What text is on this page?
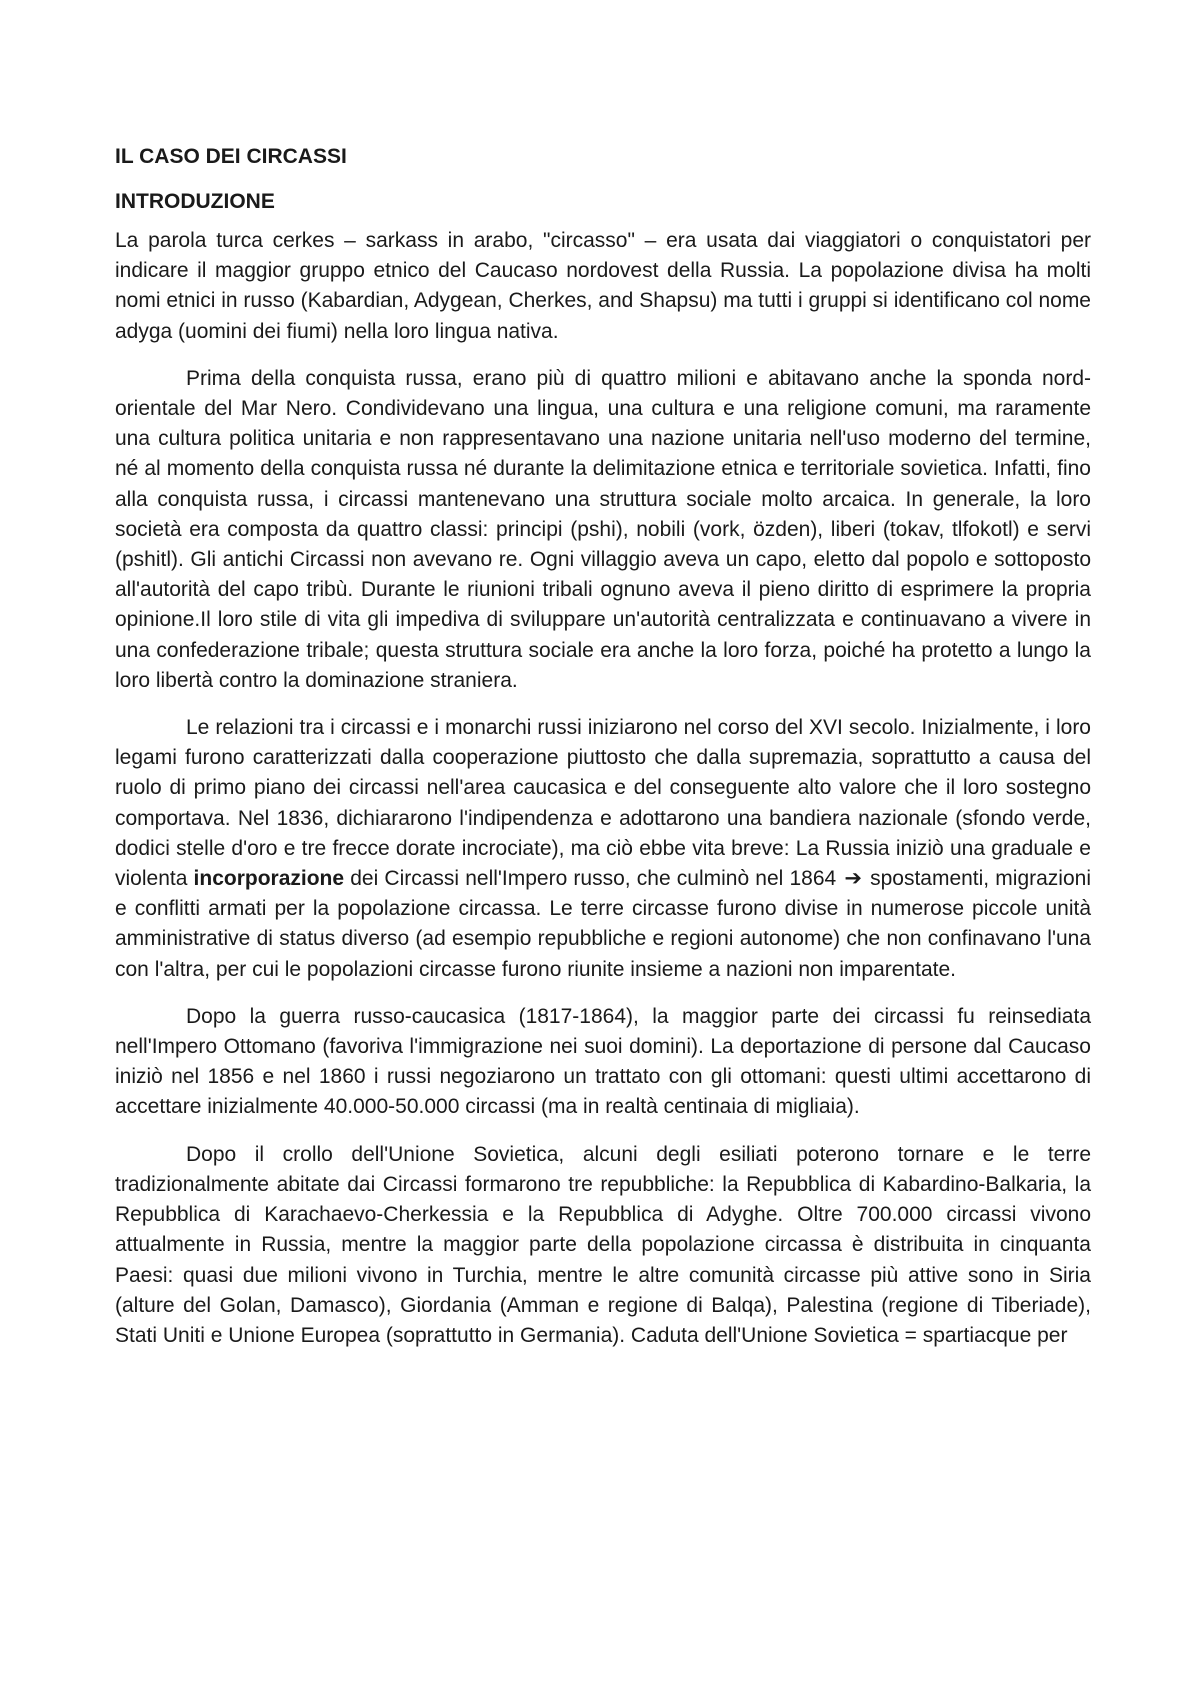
IL CASO DEI CIRCASSI
INTRODUZIONE

La parola turca cerkes – sarkass in arabo, "circasso" – era usata dai viaggiatori o conquistatori per indicare il maggior gruppo etnico del Caucaso nordovest della Russia. La popolazione divisa ha molti nomi etnici in russo (Kabardian, Adygean, Cherkes, and Shapsu) ma tutti i gruppi si identificano col nome adyga (uomini dei fiumi) nella loro lingua nativa.

Prima della conquista russa, erano più di quattro milioni e abitavano anche la sponda nord-orientale del Mar Nero. Condividevano una lingua, una cultura e una religione comuni, ma raramente una cultura politica unitaria e non rappresentavano una nazione unitaria nell'uso moderno del termine, né al momento della conquista russa né durante la delimitazione etnica e territoriale sovietica. Infatti, fino alla conquista russa, i circassi mantenevano una struttura sociale molto arcaica. In generale, la loro società era composta da quattro classi: principi (pshi), nobili (vork, özden), liberi (tokav, tlfokotl) e servi (pshitl). Gli antichi Circassi non avevano re. Ogni villaggio aveva un capo, eletto dal popolo e sottoposto all'autorità del capo tribù. Durante le riunioni tribali ognuno aveva il pieno diritto di esprimere la propria opinione.Il loro stile di vita gli impediva di sviluppare un'autorità centralizzata e continuavano a vivere in una confederazione tribale; questa struttura sociale era anche la loro forza, poiché ha protetto a lungo la loro libertà contro la dominazione straniera.

Le relazioni tra i circassi e i monarchi russi iniziarono nel corso del XVI secolo. Inizialmente, i loro legami furono caratterizzati dalla cooperazione piuttosto che dalla supremazia, soprattutto a causa del ruolo di primo piano dei circassi nell'area caucasica e del conseguente alto valore che il loro sostegno comportava. Nel 1836, dichiararono l'indipendenza e adottarono una bandiera nazionale (sfondo verde, dodici stelle d'oro e tre frecce dorate incrociate), ma ciò ebbe vita breve: La Russia iniziò una graduale e violenta incorporazione dei Circassi nell'Impero russo, che culminò nel 1864 ➔ spostamenti, migrazioni e conflitti armati per la popolazione circassa. Le terre circasse furono divise in numerose piccole unità amministrative di status diverso (ad esempio repubbliche e regioni autonome) che non confinavano l'una con l'altra, per cui le popolazioni circasse furono riunite insieme a nazioni non imparentate.

Dopo la guerra russo-caucasica (1817-1864), la maggior parte dei circassi fu reinsediata nell'Impero Ottomano (favoriva l'immigrazione nei suoi domini). La deportazione di persone dal Caucaso iniziò nel 1856 e nel 1860 i russi negoziarono un trattato con gli ottomani: questi ultimi accettarono di accettare inizialmente 40.000-50.000 circassi (ma in realtà centinaia di migliaia).

Dopo il crollo dell'Unione Sovietica, alcuni degli esiliati poterono tornare e le terre tradizionalmente abitate dai Circassi formarono tre repubbliche: la Repubblica di Kabardino-Balkaria, la Repubblica di Karachaevo-Cherkessia e la Repubblica di Adyghe. Oltre 700.000 circassi vivono attualmente in Russia, mentre la maggior parte della popolazione circassa è distribuita in cinquanta Paesi: quasi due milioni vivono in Turchia, mentre le altre comunità circasse più attive sono in Siria (alture del Golan, Damasco), Giordania (Amman e regione di Balqa), Palestina (regione di Tiberiade), Stati Uniti e Unione Europea (soprattutto in Germania). Caduta dell'Unione Sovietica = spartiacque per
